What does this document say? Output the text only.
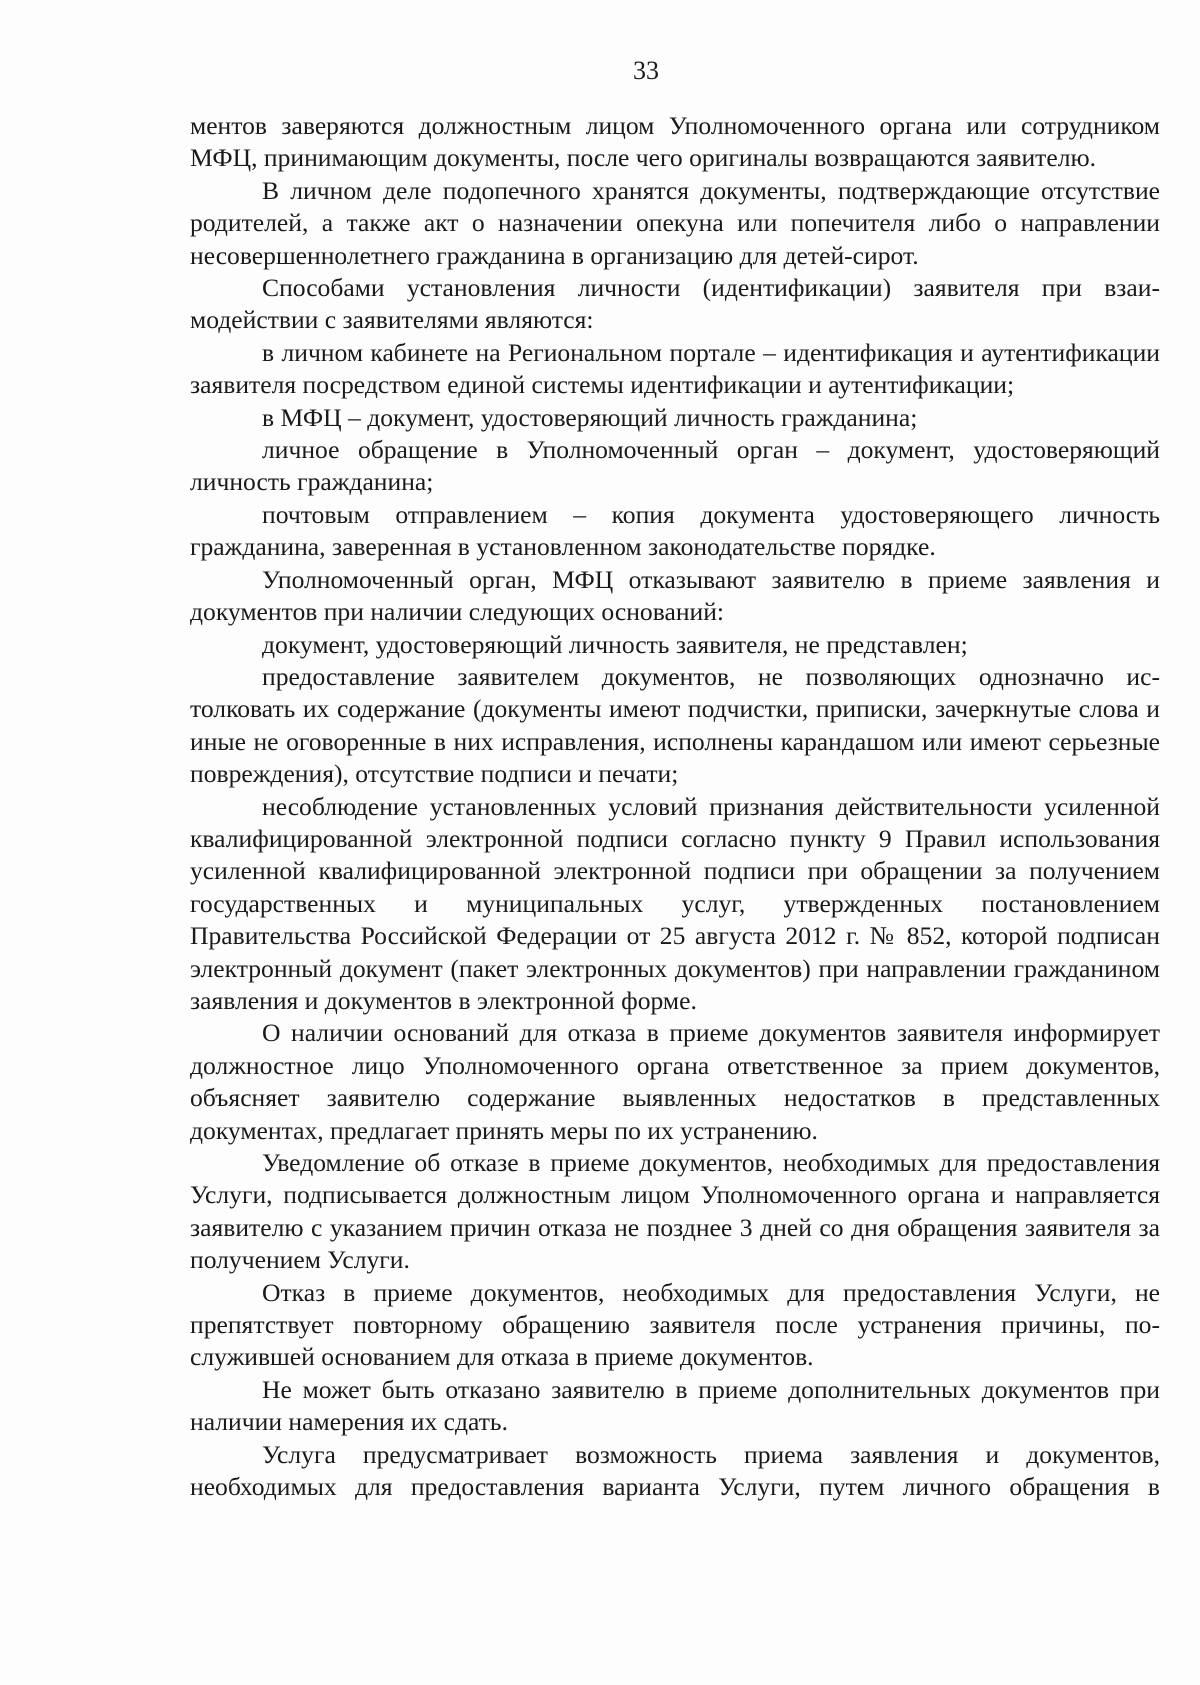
33

ментов заверяются должностным лицом Уполномоченного органа или сотрудником МФЦ, принимающим документы, после чего оригиналы возвращаются заявителю.

В личном деле подопечного хранятся документы, подтверждающие отсутствие родителей, а также акт о назначении опекуна или попечителя либо о направлении несовершеннолетнего гражданина в организацию для детей-сирот.

Способами установления личности (идентификации) заявителя при взаимодействии с заявителями являются:

в личном кабинете на Региональном портале – идентификация и аутентификации заявителя посредством единой системы идентификации и аутентификации;

в МФЦ – документ, удостоверяющий личность гражданина;

личное обращение в Уполномоченный орган – документ, удостоверяющий личность гражданина;

почтовым отправлением – копия документа удостоверяющего личность гражданина, заверенная в установленном законодательстве порядке.

Уполномоченный орган, МФЦ отказывают заявителю в приеме заявления и документов при наличии следующих оснований:

документ, удостоверяющий личность заявителя, не представлен;

предоставление заявителем документов, не позволяющих однозначно истолковать их содержание (документы имеют подчистки, приписки, зачеркнутые слова и иные не оговоренные в них исправления, исполнены карандашом или имеют серьезные повреждения), отсутствие подписи и печати;

несоблюдение установленных условий признания действительности усиленной квалифицированной электронной подписи согласно пункту 9 Правил использования усиленной квалифицированной электронной подписи при обращении за получением государственных и муниципальных услуг, утвержденных постановлением Правительства Российской Федерации от 25 августа 2012 г. № 852, которой подписан электронный документ (пакет электронных документов) при направлении гражданином заявления и документов в электронной форме.

О наличии оснований для отказа в приеме документов заявителя информирует должностное лицо Уполномоченного органа ответственное за прием документов, объясняет заявителю содержание выявленных недостатков в представленных документах, предлагает принять меры по их устранению.

Уведомление об отказе в приеме документов, необходимых для предоставления Услуги, подписывается должностным лицом Уполномоченного органа и направляется заявителю с указанием причин отказа не позднее 3 дней со дня обращения заявителя за получением Услуги.

Отказ в приеме документов, необходимых для предоставления Услуги, не препятствует повторному обращению заявителя после устранения причины, послужившей основанием для отказа в приеме документов.

Не может быть отказано заявителю в приеме дополнительных документов при наличии намерения их сдать.

Услуга предусматривает возможность приема заявления и документов, необходимых для предоставления варианта Услуги, путем личного обращения в
